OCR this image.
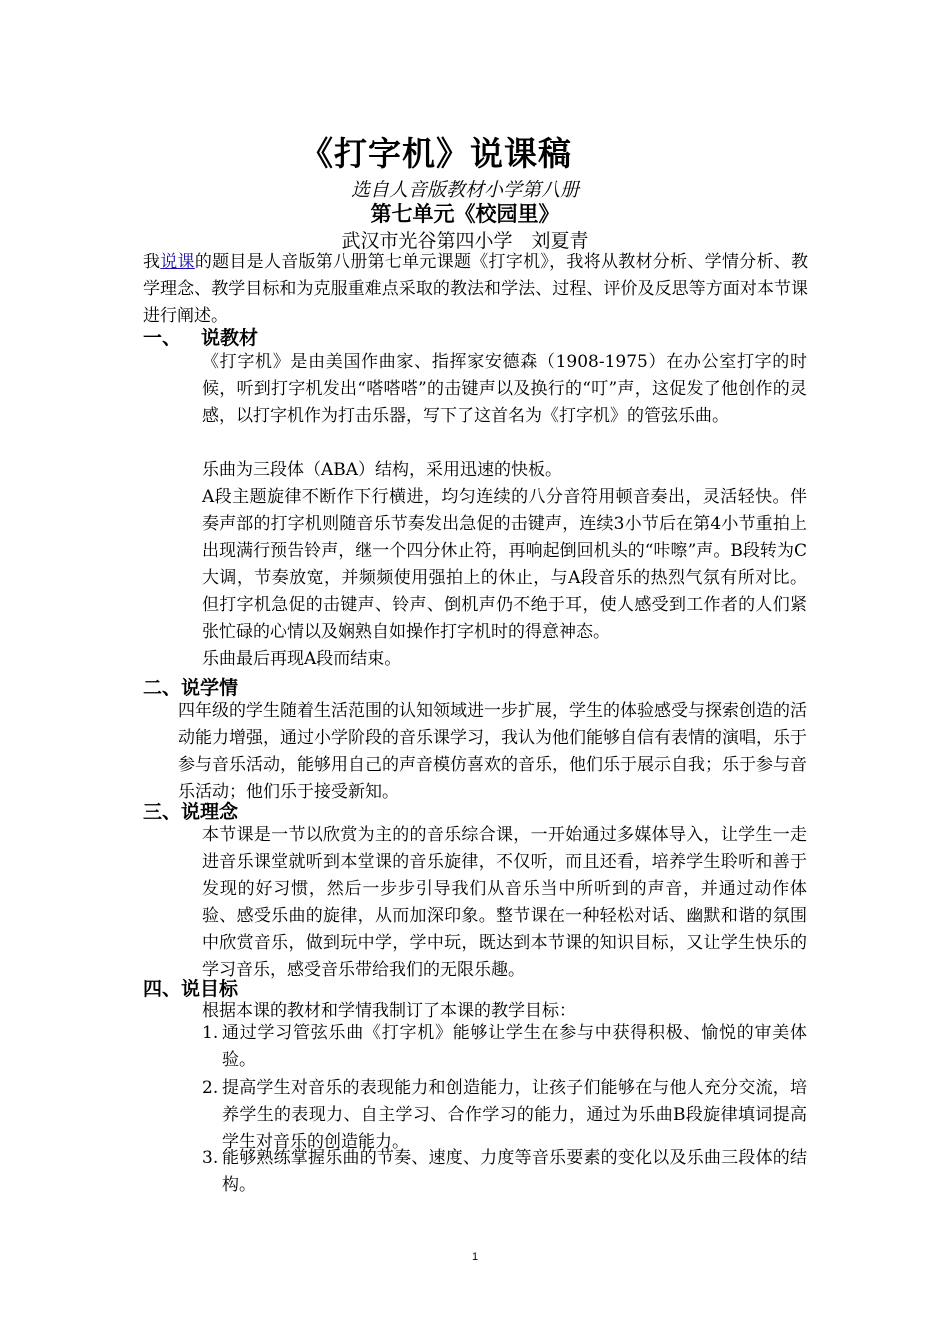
《打字机》说课稿
选自人音版教材小学第八册
第七单元《校园里》
武汉市光谷第四小学　刘夏青

我说课的题目是人音版第八册第七单元课题《打字机》，我将从教材分析、学情分析、教学理念、教学目标和为克服重难点采取的教法和学法、过程、评价及反思等方面对本节课进行阐述。

一、 说教材

《打字机》是由美国作曲家、指挥家安德森（1908-1975）在办公室打字的时候，听到打字机发出“嗒嗒嗒”的击键声以及换行的“叮”声，这促发了他创作的灵感，以打字机作为打击乐器，写下了这首名为《打字机》的管弦乐曲。

乐曲为三段体（ABA）结构，采用迅速的快板。

A段主题旋律不断作下行横进，均匀连续的八分音符用顿音奏出，灵活轻快。伴奏声部的打字机则随音乐节奏发出急促的击键声，连续3小节后在第4小节重拍上出现满行预告铃声，继一个四分休止符，再响起倒回机头的“咔嚓”声。B段转为C大调，节奏放宽，并频频使用强拍上的休止，与A段音乐的热烈气氛有所对比。但打字机急促的击键声、铃声、倒机声仍不绝于耳，使人感受到工作者的人们紧张忙碌的心情以及娴熟自如操作打字机时的得意神态。

乐曲最后再现A段而结束。

二、说学情

四年级的学生随着生活范围的认知领域进一步扩展，学生的体验感受与探索创造的活动能力增强，通过小学阶段的音乐课学习，我认为他们能够自信有表情的演唱，乐于参与音乐活动，能够用自己的声音模仿喜欢的音乐，他们乐于展示自我；乐于参与音乐活动；他们乐于接受新知。

三、说理念

本节课是一节以欣赏为主的的音乐综合课，一开始通过多媒体导入，让学生一走进音乐课堂就听到本堂课的音乐旋律，不仅听，而且还看，培养学生聆听和善于发现的好习惯，然后一步步引导我们从音乐当中所听到的声音，并通过动作体验、感受乐曲的旋律，从而加深印象。整节课在一种轻松对话、幽默和谐的氛围中欣赏音乐，做到玩中学，学中玩，既达到本节课的知识目标，又让学生快乐的学习音乐，感受音乐带给我们的无限乐趣。

四、说目标

根据本课的教材和学情我制订了本课的教学目标：

1. 通过学习管弦乐曲《打字机》能够让学生在参与中获得积极、愉悦的审美体验。
2. 提高学生对音乐的表现能力和创造能力，让孩子们能够在与他人充分交流，培养学生的表现力、自主学习、合作学习的能力，通过为乐曲B段旋律填词提高学生对音乐的创造能力。
3. 能够熟练掌握乐曲的节奏、速度、力度等音乐要素的变化以及乐曲三段体的结构。
1
